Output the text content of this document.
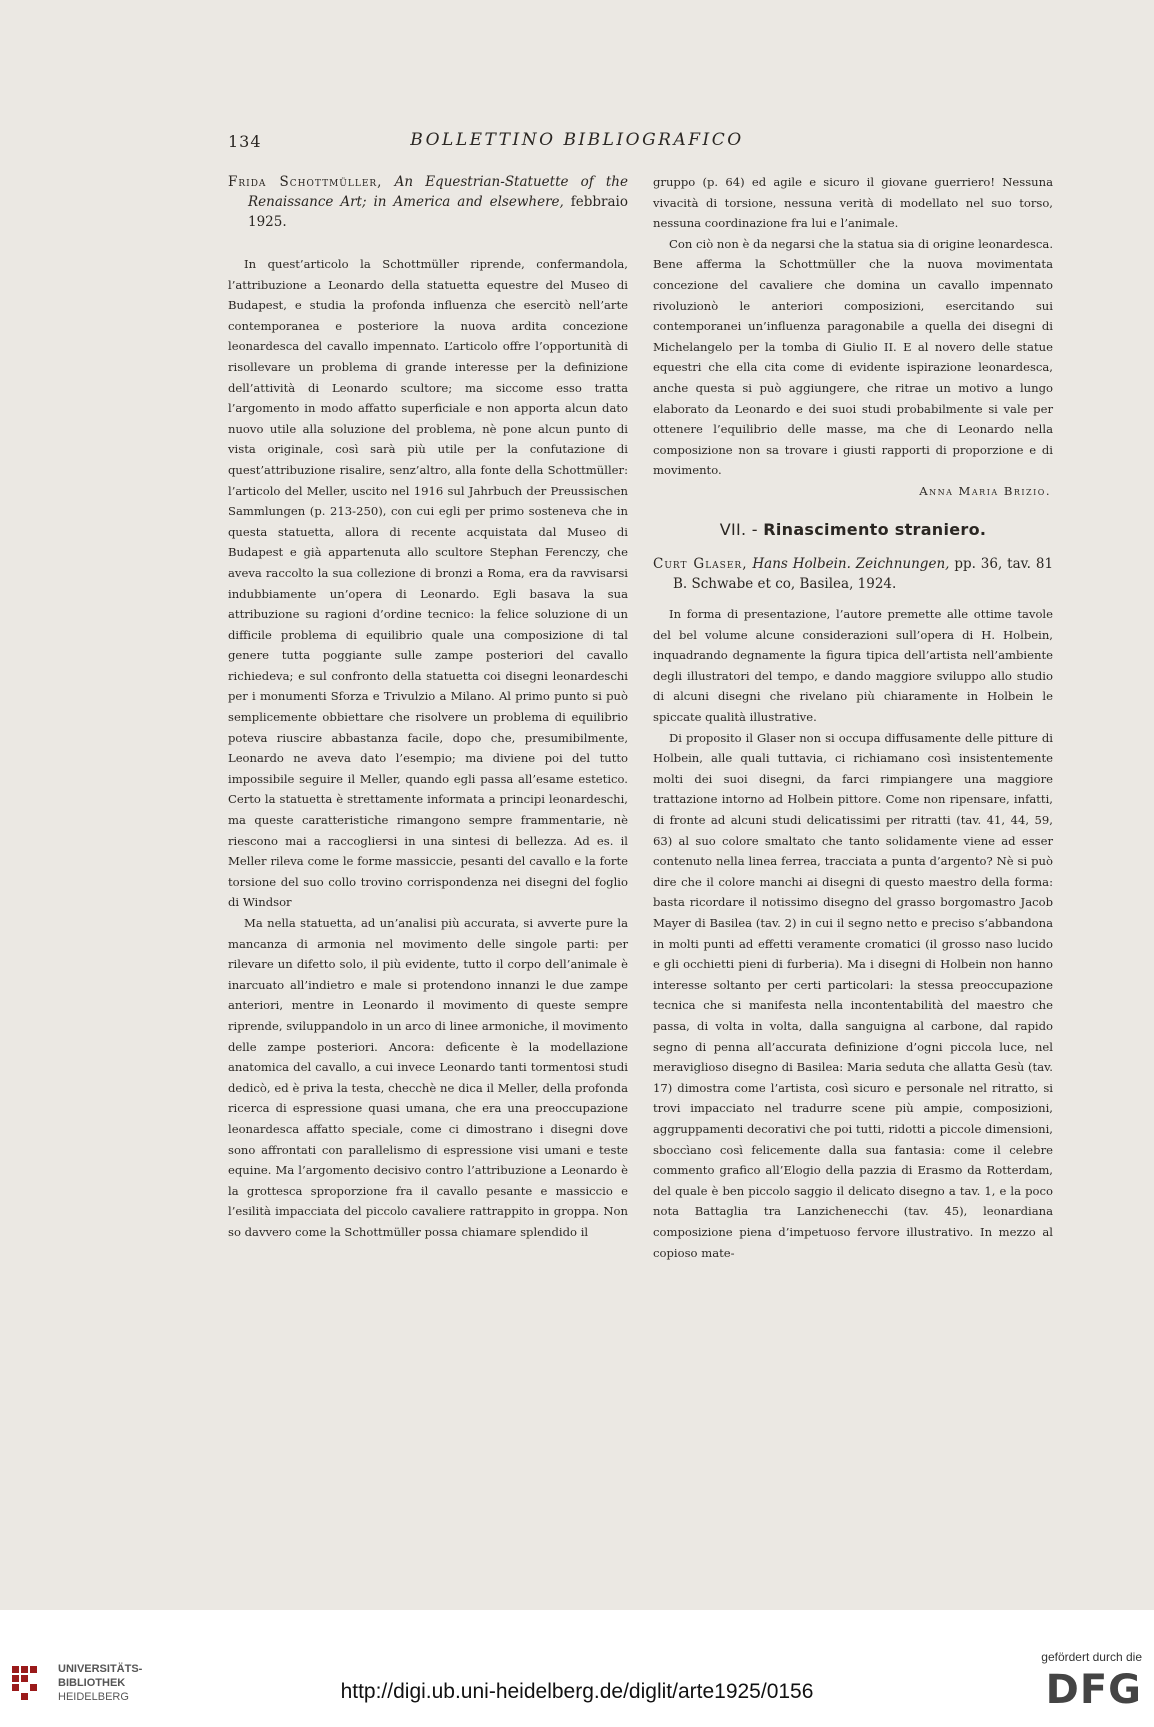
134	BOLLETTINO BIBLIOGRAFICO
Frida Schottmüller, An Equestrian-Statuette of the Renaissance Art; in America and elsewhere, febbraio 1925.

In quest’articolo la Schottmüller riprende, confermandola, l’attribuzione a Leonardo della statuetta equestre del Museo di Budapest, e studia la profonda influenza che esercitò nell’arte contemporanea e posteriore la nuova ardita concezione leonardesca del cavallo impennato. L’articolo offre l’opportunità di risollevare un problema di grande interesse per la definizione dell’attività di Leonardo scultore; ma siccome esso tratta l’argomento in modo affatto superficiale e non apporta alcun dato nuovo utile alla soluzione del problema, nè pone alcun punto di vista originale, così sarà più utile per la confutazione di quest’attribuzione risalire, senz’altro, alla fonte della Schottmüller: l’articolo del Meller, uscito nel 1916 sul Jahrbuch der Preussischen Sammlungen (p. 213-250), con cui egli per primo sosteneva che in questa statuetta, allora di recente acquistata dal Museo di Budapest e già appartenuta allo scultore Stephan Ferenczy, che aveva raccolto la sua collezione di bronzi a Roma, era da ravvisarsi indubbiamente un’opera di Leonardo. Egli basava la sua attribuzione su ragioni d’ordine tecnico: la felice soluzione di un difficile problema di equilibrio quale una composizione di tal genere tutta poggiante sulle zampe posteriori del cavallo richiedeva; e sul confronto della statuetta coi disegni leonardeschi per i monumenti Sforza e Trivulzio a Milano. Al primo punto si può semplicemente obbiettare che risolvere un problema di equilibrio poteva riuscire abbastanza facile, dopo che, presumibilmente, Leonardo ne aveva dato l’esempio; ma diviene poi del tutto impossibile seguire il Meller, quando egli passa all’esame estetico. Certo la statuetta è strettamente informata a principi leonardeschi, ma queste caratteristiche rimangono sempre frammentarie, nè riescono mai a raccogliersi in una sintesi di bellezza. Ad es. il Meller rileva come le forme massiccie, pesanti del cavallo e la forte torsione del suo collo trovino corrispondenza nei disegni del foglio di Windsor

Ma nella statuetta, ad un’analisi più accurata, si avverte pure la mancanza di armonia nel movimento delle singole parti: per rilevare un difetto solo, il più evidente, tutto il corpo dell’animale è inarcuato all’indietro e male si protendono innanzi le due zampe anteriori, mentre in Leonardo il movimento di queste sempre riprende, sviluppandolo in un arco di linee armoniche, il movimento delle zampe posteriori. Ancora: deficente è la modellazione anatomica del cavallo, a cui invece Leonardo tanti tormentosi studi dedicò, ed è priva la testa, checchè ne dica il Meller, della profonda ricerca di espressione quasi umana, che era una preoccupazione leonardesca affatto speciale, come ci dimostrano i disegni dove sono affrontati con parallelismo di espressione visi umani e teste equine. Ma l’argomento decisivo contro l’attribuzione a Leonardo è la grottesca sproporzione fra il cavallo pesante e massiccio e l’esilità impacciata del piccolo cavaliere rattrappito in groppa. Non so davvero come la Schottmüller possa chiamare splendido il

gruppo (p. 64) ed agile e sicuro il giovane guerriero! Nessuna vivacità di torsione, nessuna verità di modellato nel suo torso, nessuna coordinazione fra lui e l’animale.

Con ciò non è da negarsi che la statua sia di origine leonardesca. Bene afferma la Schottmüller che la nuova movimentata concezione del cavaliere che domina un cavallo impennato rivoluzionò le anteriori composizioni, esercitando sui contemporanei un’influenza paragonabile a quella dei disegni di Michelangelo per la tomba di Giulio II. E al novero delle statue equestri che ella cita come di evidente ispirazione leonardesca, anche questa si può aggiungere, che ritrae un motivo a lungo elaborato da Leonardo e dei suoi studi probabilmente si vale per ottenere l’equilibrio delle masse, ma che di Leonardo nella composizione non sa trovare i giusti rapporti di proporzione e di movimento.

Anna Maria Brizio.
VII. - Rinascimento straniero.
Curt Glaser, Hans Holbein. Zeichnungen, pp. 36, tav. 81 B. Schwabe et co, Basilea, 1924.

In forma di presentazione, l’autore premette alle ottime tavole del bel volume alcune considerazioni sull’opera di H. Holbein, inquadrando degnamente la figura tipica dell’artista nell’ambiente degli illustratori del tempo, e dando maggiore sviluppo allo studio di alcuni disegni che rivelano più chiaramente in Holbein le spiccate qualità illustrative.

Di proposito il Glaser non si occupa diffusamente delle pitture di Holbein, alle quali tuttavia, ci richiamano così insistentemente molti dei suoi disegni, da farci rimpiangere una maggiore trattazione intorno ad Holbein pittore. Come non ripensare, infatti, di fronte ad alcuni studi delicatissimi per ritratti (tav. 41, 44, 59, 63) al suo colore smaltato che tanto solidamente viene ad esser contenuto nella linea ferrea, tracciata a punta d’argento? Nè si può dire che il colore manchi ai disegni di questo maestro della forma: basta ricordare il notissimo disegno del grasso borgomastro Jacob Mayer di Basilea (tav. 2) in cui il segno netto e preciso s’abbandona in molti punti ad effetti veramente cromatici (il grosso naso lucido e gli occhietti pieni di furberia). Ma i disegni di Holbein non hanno interesse soltanto per certi particolari: la stessa preoccupazione tecnica che si manifesta nella incontentabilità del maestro che passa, di volta in volta, dalla sanguigna al carbone, dal rapido segno di penna all’accurata definizione d’ogni piccola luce, nel meraviglioso disegno di Basilea: Maria seduta che allatta Gesù (tav. 17) dimostra come l’artista, così sicuro e personale nel ritratto, si trovi impacciato nel tradurre scene più ampie, composizioni, aggruppamenti decorativi che poi tutti, ridotti a piccole dimensioni, sboccìano così felicemente dalla sua fantasia: come il celebre commento grafico all’Elogio della pazzia di Erasmo da Rotterdam, del quale è ben piccolo saggio il delicato disegno a tav. 1, e la poco nota Battaglia tra Lanzichenecchi (tav. 45), leonardiana composizione piena d’impetuoso fervore illustrativo. In mezzo al copioso mate-

UNIVERSITÄTS-
BIBLIOTHEK
HEIDELBERG	http://digi.ub.uni-heidelberg.de/diglit/arte1925/0156
gefördert durch die
DFG
